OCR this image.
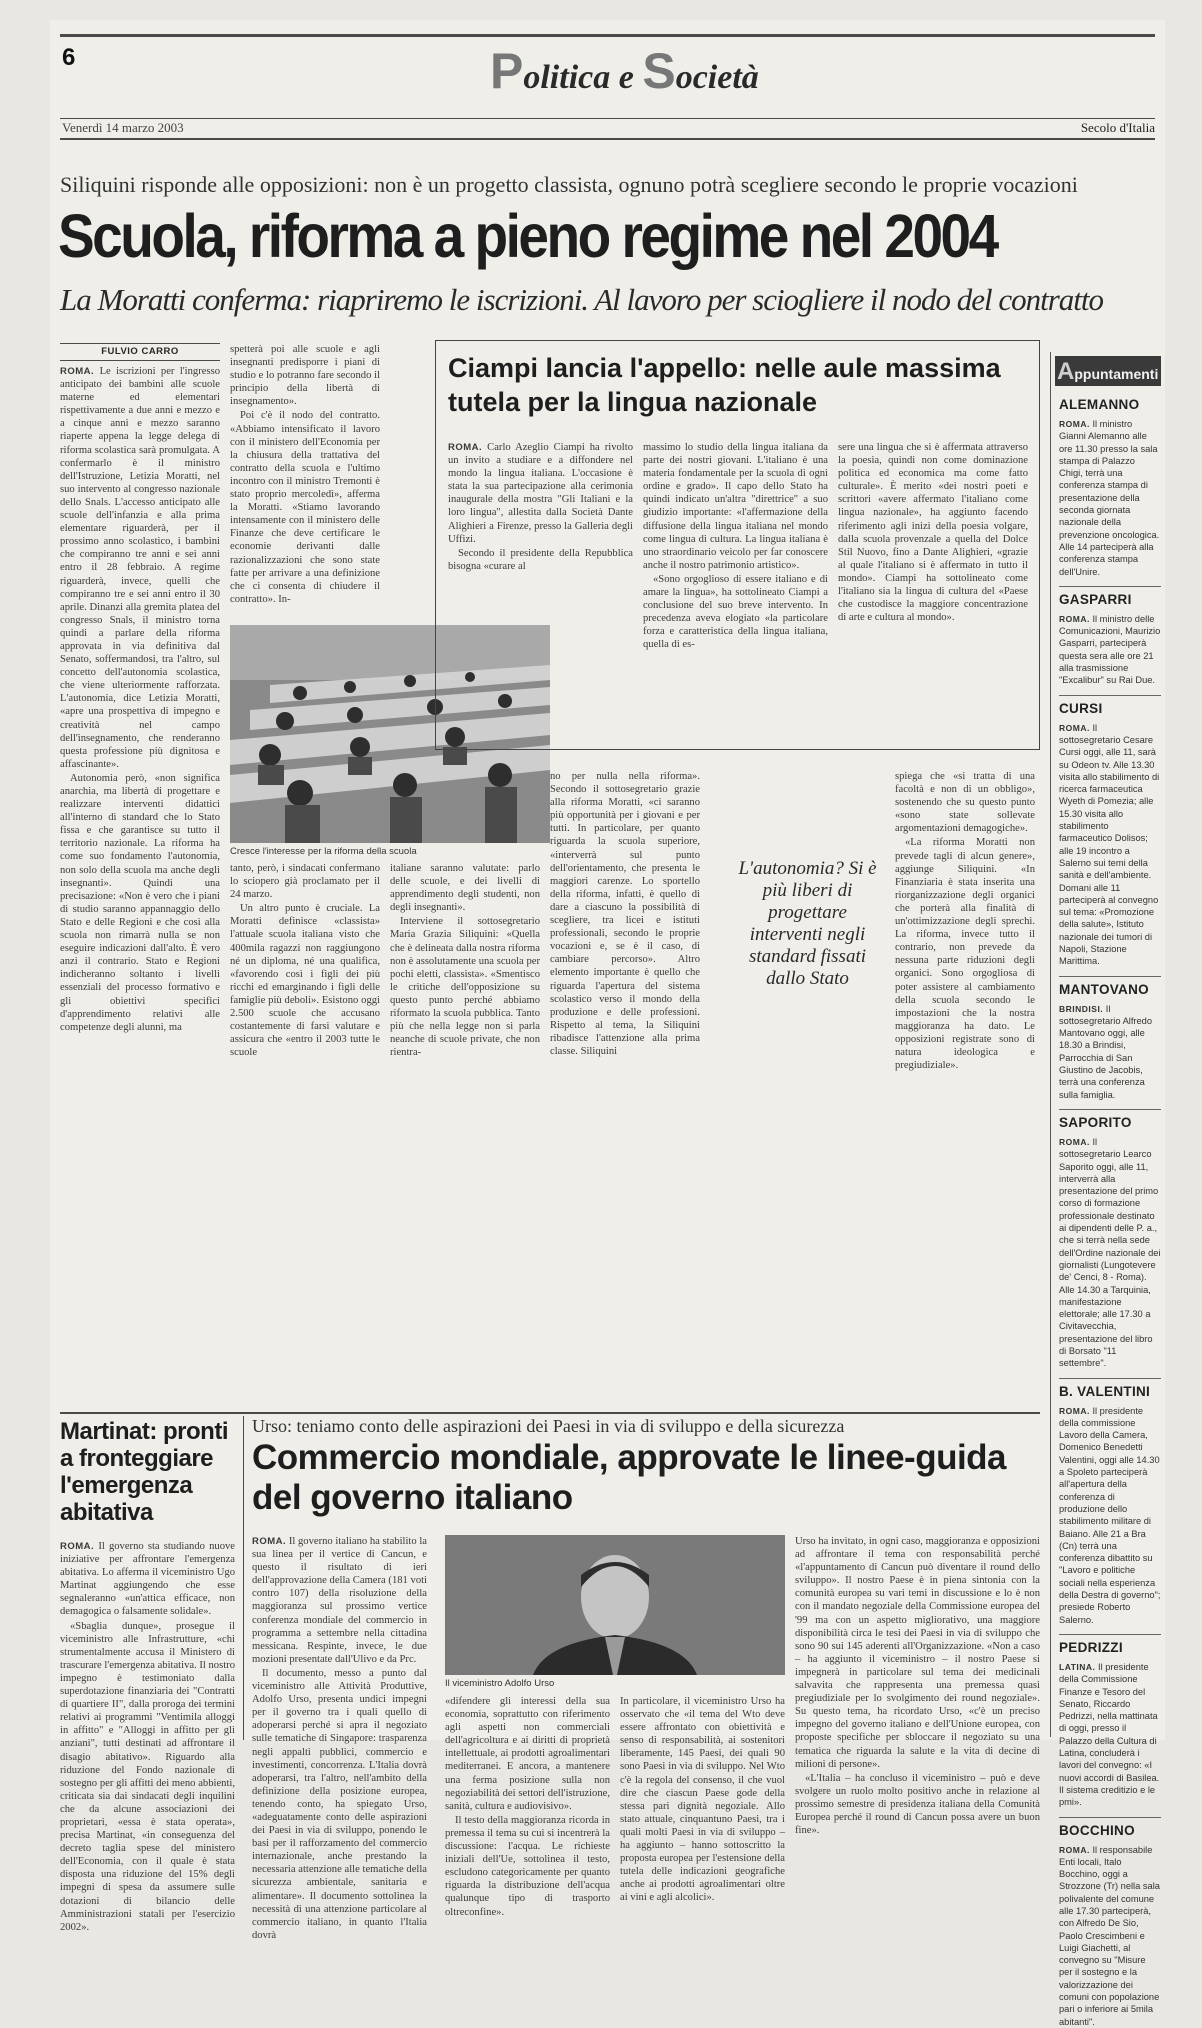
6	Politica e Società
Venerdì 14 marzo 2003	Secolo d'Italia
Siliquini risponde alle opposizioni: non è un progetto classista, ognuno potrà scegliere secondo le proprie vocazioni
Scuola, riforma a pieno regime nel 2004
La Moratti conferma: riapriremo le iscrizioni. Al lavoro per sciogliere il nodo del contratto
FULVIO CARRO

ROMA. Le iscrizioni per l'ingresso anticipato dei bambini alle scuole materne ed elementari rispettivamente a due anni e mezzo e a cinque anni e mezzo saranno riaperte appena la legge delega di riforma scolastica sarà promulgata. A confermarlo è il ministro dell'Istruzione, Letizia Moratti, nel suo intervento al congresso nazionale dello Snals. L'accesso anticipato alle scuole dell'infanzia e alla prima elementare riguarderà, per il prossimo anno scolastico, i bambini che compiranno tre anni e sei anni entro il 28 febbraio. A regime riguarderà, invece, quelli che compiranno tre e sei anni entro il 30 aprile. Dinanzi alla gremita platea del congresso Snals, il ministro torna quindi a parlare della riforma approvata in via definitiva dal Senato, soffermandosi, tra l'altro, sul concetto dell'autonomia scolastica, che viene ulteriormente rafforzata. L'autonomia, dice Letizia Moratti, «apre una prospettiva di impegno e creatività nel campo dell'insegnamento, che renderanno questa professione più dignitosa e affascinante».

Autonomia però, «non significa anarchia, ma libertà di progettare e realizzare interventi didattici all'interno di standard che lo Stato fissa e che garantisce su tutto il territorio nazionale. La riforma ha come suo fondamento l'autonomia, non solo della scuola ma anche degli insegnanti». Quindi una precisazione: «Non è vero che i piani di studio saranno appannaggio dello Stato e delle Regioni e che così alla scuola non rimarrà nulla se non eseguire indicazioni dall'alto. È vero anzi il contrario. Stato e Regioni indicheranno soltanto i livelli essenziali del processo formativo e gli obiettivi specifici d'apprendimento relativi alle competenze degli alunni, ma

spetterà poi alle scuole e agli insegnanti predisporre i piani di studio e lo potranno fare secondo il principio della libertà di insegnamento».

Poi c'è il nodo del contratto. «Abbiamo intensificato il lavoro con il ministero dell'Economia per la chiusura della trattativa del contratto della scuola e l'ultimo incontro con il ministro Tremonti è stato proprio mercoledì», afferma la Moratti. «Stiamo lavorando intensamente con il ministero delle Finanze che deve certificare le economie derivanti dalle razionalizzazioni che sono state fatte per arrivare a una definizione che ci consenta di chiudere il contratto». In-

Cresce l'interesse per la riforma della scuola

tanto, però, i sindacati confermano lo sciopero già proclamato per il 24 marzo.

Un altro punto è cruciale. La Moratti definisce «classista» l'attuale scuola italiana visto che 400mila ragazzi non raggiungono né un diploma, né una qualifica, «favorendo così i figli dei più ricchi ed emarginando i figli delle famiglie più deboli». Esistono oggi 2.500 scuole che accusano costantemente di farsi valutare e assicura che «entro il 2003 tutte le scuole

italiane saranno valutate: parlo delle scuole, e dei livelli di apprendimento degli studenti, non degli insegnanti».

Interviene il sottosegretario Maria Grazia Siliquini: «Quella che è delineata dalla nostra riforma non è assolutamente una scuola per pochi eletti, classista». «Smentisco le critiche dell'opposizione su questo punto perché abbiamo riformato la scuola pubblica. Tanto più che nella legge non si parla neanche di scuole private, che non rientra-

no per nulla nella riforma». Secondo il sottosegretario grazie alla riforma Moratti, «ci saranno più opportunità per i giovani e per tutti. In particolare, per quanto riguarda la scuola superiore, «interverrà sul punto dell'orientamento, che presenta le maggiori carenze. Lo sportello della riforma, infatti, è quello di dare a ciascuno la possibilità di scegliere, tra licei e istituti professionali, secondo le proprie vocazioni e, se è il caso, di cambiare percorso». Altro elemento importante è quello che riguarda l'apertura del sistema scolastico verso il mondo della produzione e delle professioni. Rispetto al tema, la Siliquini ribadisce l'attenzione alla prima classe. Siliquini

L'autonomia? Si è più liberi di progettare interventi negli standard fissati dallo Stato

spiega che «si tratta di una facoltà e non di un obbligo», sostenendo che su questo punto «sono state sollevate argomentazioni demagogiche».

«La riforma Moratti non prevede tagli di alcun genere», aggiunge Siliquini. «In Finanziaria è stata inserita una riorganizzazione degli organici che porterà alla finalità di un'ottimizzazione degli sprechi. La riforma, invece tutto il contrario, non prevede da nessuna parte riduzioni degli organici. Sono orgogliosa di poter assistere al cambiamento della scuola secondo le impostazioni che la nostra maggioranza ha dato. Le opposizioni registrate sono di natura ideologica e pregiudiziale».

Ciampi lancia l'appello: nelle aule massima tutela per la lingua nazionale

ROMA. Carlo Azeglio Ciampi ha rivolto un invito a studiare e a diffondere nel mondo la lingua italiana. L'occasione è stata la sua partecipazione alla cerimonia inaugurale della mostra "Gli Italiani e la loro lingua", allestita dalla Società Dante Alighieri a Firenze, presso la Galleria degli Uffizi.

Secondo il presidente della Repubblica bisogna «curare al

massimo lo studio della lingua italiana da parte dei nostri giovani. L'italiano è una materia fondamentale per la scuola di ogni ordine e grado». Il capo dello Stato ha quindi indicato un'altra "direttrice" a suo giudizio importante: «l'affermazione della diffusione della lingua italiana nel mondo come lingua di cultura. La lingua italiana è uno straordinario veicolo per far conoscere anche il nostro patrimonio artistico».

«Sono orgoglioso di essere italiano e di amare la lingua», ha sottolineato Ciampi a conclusione del suo breve intervento. In precedenza aveva elogiato «la particolare forza e caratteristica della lingua italiana, quella di es-

sere una lingua che si è affermata attraverso la poesia, quindi non come dominazione politica ed economica ma come fatto culturale». È merito «dei nostri poeti e scrittori «avere affermato l'italiano come lingua nazionale», ha aggiunto facendo riferimento agli inizi della poesia volgare, dalla scuola provenzale a quella del Dolce Stil Nuovo, fino a Dante Alighieri, «grazie al quale l'italiano si è affermato in tutto il mondo». Ciampi ha sottolineato come l'italiano sia la lingua di cultura del «Paese che custodisce la maggiore concentrazione di arte e cultura al mondo».

Appuntamenti
ALEMANNO
ROMA. Il ministro Gianni Alemanno alle ore 11.30 presso la sala stampa di Palazzo Chigi, terrà una conferenza stampa di presentazione della seconda giornata nazionale della prevenzione oncologica. Alle 14 parteciperà alla conferenza stampa dell'Unire.
GASPARRI
ROMA. Il ministro delle Comunicazioni, Maurizio Gasparri, parteciperà questa sera alle ore 21 alla trasmissione "Excalibur" su Rai Due.
CURSI
ROMA. Il sottosegretario Cesare Cursi oggi, alle 11, sarà su Odeon tv. Alle 13.30 visita allo stabilimento di ricerca farmaceutica Wyeth di Pomezia; alle 15.30 visita allo stabilimento farmaceutico Dolisos; alle 19 incontro a Salerno sui temi della sanità e dell'ambiente. Domani alle 11 parteciperà al convegno sul tema: «Promozione della salute», Istituto nazionale dei tumori di Napoli, Stazione Marittima.
MANTOVANO
BRINDISI. Il sottosegretario Alfredo Mantovano oggi, alle 18.30 a Brindisi, Parrocchia di San Giustino de Jacobis, terrà una conferenza sulla famiglia.
SAPORITO
ROMA. Il sottosegretario Learco Saporito oggi, alle 11, interverrà alla presentazione del primo corso di formazione professionale destinato ai dipendenti delle P. a., che si terrà nella sede dell'Ordine nazionale dei giornalisti (Lungotevere de' Cenci, 8 - Roma). Alle 14.30 a Tarquinia, manifestazione elettorale; alle 17.30 a Civitavecchia, presentazione del libro di Borsato "11 settembre".
B. VALENTINI
ROMA. Il presidente della commissione Lavoro della Camera, Domenico Benedetti Valentini, oggi alle 14.30 a Spoleto parteciperà all'apertura della conferenza di produzione dello stabilimento militare di Baiano. Alle 21 a Bra (Cn) terrà una conferenza dibattito su "Lavoro e politiche sociali nella esperienza della Destra di governo"; presiede Roberto Salerno.
PEDRIZZI
LATINA. Il presidente della Commissione Finanze e Tesoro del Senato, Riccardo Pedrizzi, nella mattinata di oggi, presso il Palazzo della Cultura di Latina, concluderà i lavori del convegno: «I nuovi accordi di Basilea. Il sistema creditizio e le pmi».
BOCCHINO
ROMA. Il responsabile Enti locali, Italo Bocchino, oggi a Strozzone (Tr) nella sala polivalente del comune alle 17.30 parteciperà, con Alfredo De Sio, Paolo Crescimbeni e Luigi Giachetti, al convegno su "Misure per il sostegno e la valorizzazione dei comuni con popolazione pari o inferiore ai 5mila abitanti".
Martinat: pronti a fronteggiare l'emergenza abitativa

ROMA. Il governo sta studiando nuove iniziative per affrontare l'emergenza abitativa. Lo afferma il viceministro Ugo Martinat aggiungendo che esse segnaleranno «un'attica efficace, non demagogica o falsamente solidale».

«Sbaglia dunque», prosegue il viceministro alle Infrastrutture, «chi strumentalmente accusa il Ministero di trascurare l'emergenza abitativa. Il nostro impegno è testimoniato dalla superdotazione finanziaria dei "Contratti di quartiere II", dalla proroga dei termini relativi ai programmi "Ventimila alloggi in affitto" e "Alloggi in affitto per gli anziani", tutti destinati ad affrontare il disagio abitativo». Riguardo alla riduzione del Fondo nazionale di sostegno per gli affitti dei meno abbienti, criticata sia dai sindacati degli inquilini che da alcune associazioni dei proprietari, «essa è stata operata», precisa Martinat, «in conseguenza del decreto taglia spese del ministero dell'Economia, con il quale è stata disposta una riduzione del 15% degli impegni di spesa da assumere sulle dotazioni di bilancio delle Amministrazioni statali per l'esercizio 2002».

Urso: teniamo conto delle aspirazioni dei Paesi in via di sviluppo e della sicurezza
Commercio mondiale, approvate le linee-guida del governo italiano

ROMA. Il governo italiano ha stabilito la sua linea per il vertice di Cancun, e questo il risultato di ieri dell'approvazione della Camera (181 voti contro 107) della risoluzione della maggioranza sul prossimo vertice conferenza mondiale del commercio in programma a settembre nella cittadina messicana. Respinte, invece, le due mozioni presentate dall'Ulivo e da Prc.

Il documento, messo a punto dal viceministro alle Attività Produttive, Adolfo Urso, presenta undici impegni per il governo tra i quali quello di adoperarsi perché si apra il negoziato sulle tematiche di Singapore: trasparenza negli appalti pubblici, commercio e investimenti, concorrenza. L'Italia dovrà adoperarsi, tra l'altro, nell'ambito della definizione della posizione europea, tenendo conto, ha spiegato Urso, «adeguatamente conto delle aspirazioni dei Paesi in via di sviluppo, ponendo le basi per il rafforzamento del commercio internazionale, anche prestando la necessaria attenzione alle tematiche della sicurezza ambientale, sanitaria e alimentare». Il documento sottolinea la necessità di una attenzione particolare al commercio italiano, in quanto l'Italia dovrà

Il viceministro Adolfo Urso

«difendere gli interessi della sua economia, soprattutto con riferimento agli aspetti non commerciali dell'agricoltura e ai diritti di proprietà intellettuale, ai prodotti agroalimentari mediterranei. E ancora, a mantenere una ferma posizione sulla non negoziabilità dei settori dell'istruzione, sanità, cultura e audiovisivo».

Il testo della maggioranza ricorda in premessa il tema su cui si incentrerà la discussione: l'acqua. Le richieste iniziali dell'Ue, sottolinea il testo, escludono categoricamente per quanto riguarda la distribuzione dell'acqua qualunque tipo di trasporto oltreconfine».

In particolare, il viceministro Urso ha osservato che «il tema del Wto deve essere affrontato con obiettività e senso di responsabilità, ai sostenitori liberamente, 145 Paesi, dei quali 90 sono Paesi in via di sviluppo. Nel Wto c'è la regola del consenso, il che vuol dire che ciascun Paese gode della stessa pari dignità negoziale. Allo stato attuale, cinquantuno Paesi, tra i quali molti Paesi in via di sviluppo – ha aggiunto – hanno sottoscritto la proposta europea per l'estensione della tutela delle indicazioni geografiche anche ai prodotti agroalimentari oltre ai vini e agli alcolici».

Urso ha invitato, in ogni caso, maggioranza e opposizioni ad affrontare il tema con responsabilità perché «l'appuntamento di Cancun può diventare il round dello sviluppo». Il nostro Paese è in piena sintonia con la comunità europea su vari temi in discussione e lo è non con il mandato negoziale della Commissione europea del '99 ma con un aspetto migliorativo, una maggiore disponibilità circa le tesi dei Paesi in via di sviluppo che sono 90 sui 145 aderenti all'Organizzazione. «Non a caso – ha aggiunto il viceministro – il nostro Paese si impegnerà in particolare sul tema dei medicinali salvavita che rappresenta una premessa quasi pregiudiziale per lo svolgimento dei round negoziale». Su questo tema, ha ricordato Urso, «c'è un preciso impegno del governo italiano e dell'Unione europea, con proposte specifiche per sbloccare il negoziato su una tematica che riguarda la salute e la vita di decine di milioni di persone».

«L'Italia – ha concluso il viceministro – può e deve svolgere un ruolo molto positivo anche in relazione al prossimo semestre di presidenza italiana della Comunità Europea perché il round di Cancun possa avere un buon fine».
